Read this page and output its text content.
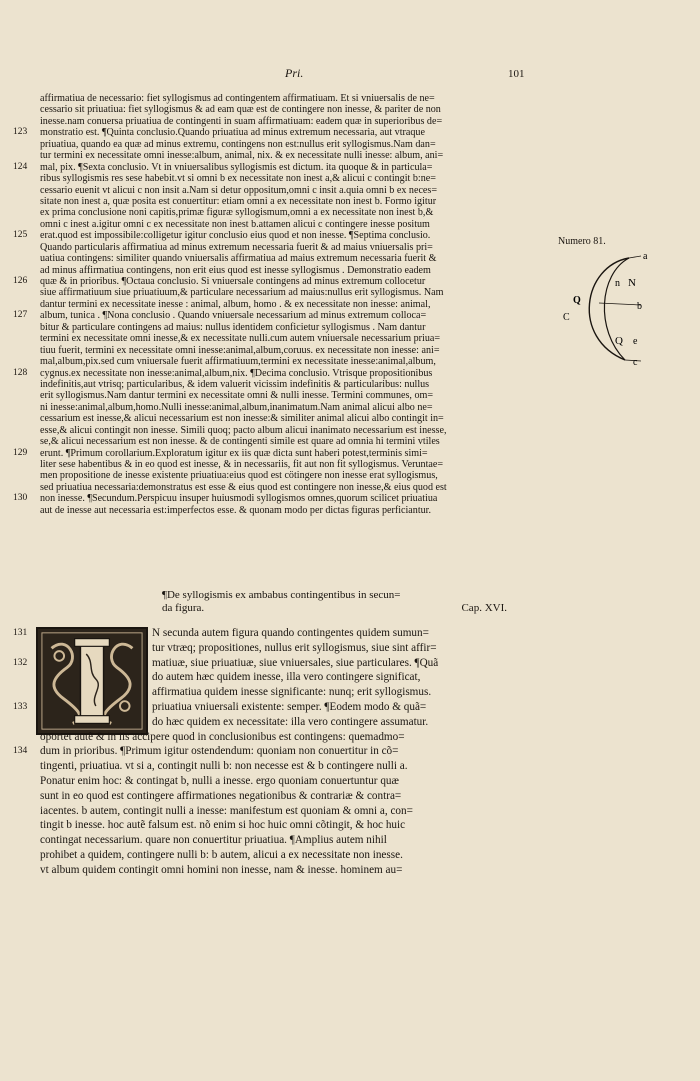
Pri.	101
affirmatiua de necessario: fiet syllogismus ad contingentem affirmatiuam. Et si vniuersalis de ne=
cessario sit priuatiua: fiet syllogismus & ad eam quæ est de contingere non inesse, & pariter de non
inesse.nam conuersa priuatiua de contingenti in suam affirmatiuam: eadem quæ in superioribus de=
123 monstratio est. ¶Quinta conclusio.Quando priuatiua ad minus extremum necessaria, aut vtraque
priuatiua, quando ea quæ ad minus extremu, contingens non est:nullus erit syllogismus.Nam dan=
tur termini ex necessitate omni inesse:album, animal, nix. & ex necessitate nulli inesse: album, ani=
124 mal, pix. ¶Sexta conclusio. Vt in vniuersalibus syllogismis est dictum. ita quoque & in particula=
ribus syllogismis res sese habebit.vt si omni b ex necessitate non inest a,& alicui c contingit b:ne=
cessario euenit vt alicui c non insit a.Nam si detur oppositum,omni c insit a.quia omni b ex neces=
sitate non inest a, quæ posita est conuertitur: etiam omni a ex necessitate non inest b. Formo igitur
ex prima conclusione noni capitis,primæ figuræ syllogismum,omni a ex necessitate non inest b,&
omni c inest a.igitur omni c ex necessitate non inest b.attamen alicui c contingere inesse positum
125 erat.quod est impossibile:colligetur igitur conclusio eius quod et non inesse. ¶Septima conclusio.
Quando particularis affirmatiua ad minus extremum necessaria fuerit & ad maius vniuersalis pri=
uatiua contingens: similiter quando vniuersalis affirmatiua ad maius extremum necessaria fuerit &
ad minus affirmatiua contingens, non erit eius quod est inesse syllogismus . Demonstratio eadem
126 quæ & in prioribus. ¶Octaua conclusio. Si vniuersale contingens ad minus extremum collocetur
siue affirmatiuum siue priuatiuum,& particulare necessarium ad maius:nullus erit syllogismus. Nam
dantur termini ex necessitate inesse : animal, album, homo . & ex necessitate non inesse: animal,
127 album, tunica . ¶Nona conclusio . Quando vniuersale necessarium ad minus extremum colloca=
bitur & particulare contingens ad maius: nullus identidem conficietur syllogismus . Nam dantur
termini ex necessitate omni inesse,& ex necessitate nulli.cum autem vniuersale necessarium priua=
tiuu fuerit, termini ex necessitate omni inesse:animal,album,coruus. ex necessitate non inesse: ani=
mal,album,pix.sed cum vniuersale fuerit affirmatiuum,termini ex necessitate inesse:animal,album,
128 cygnus.ex necessitate non inesse:animal,album,nix. ¶Decima conclusio. Vtrisque propositionibus
indefinitis,aut vtrisq; particularibus, & idem valuerit vicissim indefinitis & particularibus: nullus
erit syllogismus.Nam dantur termini ex necessitate omni & nulli inesse. Termini communes, om=
ni inesse:animal,album,homo.Nulli inesse:animal,album,inanimatum.Nam animal alicui albo ne=
cessarium est inesse,& alicui necessarium est non inesse:& similiter animal alicui albo contingit in=
esse,& alicui contingit non inesse. Simili quoq; pacto album alicui inanimato necessarium est inesse,
se,& alicui necessarium est non inesse. & de contingenti simile est quare ad omnia hi termini vtiles
129 erunt. ¶Primum corollarium.Exploratum igitur ex iis quæ dicta sunt haberi potest,terminis simi=
liter sese habentibus & in eo quod est inesse, & in necessariis, fit aut non fit syllogismus. Veruntae=
men propositione de inesse existente priuatiua:eius quod est cötingere non inesse erat syllogismus,
sed priuatiua necessaria:demonstratus est esse & eius quod est contingere non inesse,& eius quod est
130 non inesse. ¶Secundum.Perspicuu insuper huiusmodi syllogismos omnes,quorum scilicet priuatiua
aut de inesse aut necessaria est:imperfectos esse. & quonam modo per dictas figuras perficiantur.
¶De syllogismis ex ambabus contingentibus in secun=
da figura.	Cap. XVI.
131	N secunda autem figura quando contingentes quidem sumun=
tur vtræq; propositiones, nullus erit syllogismus, siue sint affir=
132	matiuæ, siue priuatiuæ, siue vniuersales, siue particulares. ¶Quã
do autem hæc quidem inesse, illa vero contingere significat,
affirmatiua quidem inesse significante: nunq; erit syllogismus.
133	priuatiua vniuersali existente: semper. ¶Eodem modo & quã=
do hæc quidem ex necessitate: illa vero contingere assumatur.
oportet autẽ & in iis accipere quod in conclusionibus est contingens: quemadmo=
134 dum in prioribus. ¶Primum igitur ostendendum: quoniam non conuertitur in cõ=
tingenti, priuatiua. vt si a, contingit nulli b: non necesse est & b contingere nulli a.
Ponatur enim hoc: & contingat b, nulli a inesse. ergo quoniam conuertuntur quæ
sunt in eo quod est contingere affirmationes negationibus & contrariæ & contra=
iacentes. b autem, contingit nulli a inesse: manifestum est quoniam & omni a, con=
tingit b inesse. hoc autẽ falsum est. nõ enim si hoc huic omni cõtingit, & hoc huic
contingat necessarium. quare non conuertitur priuatiua. ¶Amplius autem nihil
prohibet a quidem, contingere nulli b: b autem, alicui a ex necessitate non inesse.
vt album quidem contingit omni homini non inesse, nam & inesse. hominem au=
Numero 81.
a
n N
Q
C
b
Q e
c
